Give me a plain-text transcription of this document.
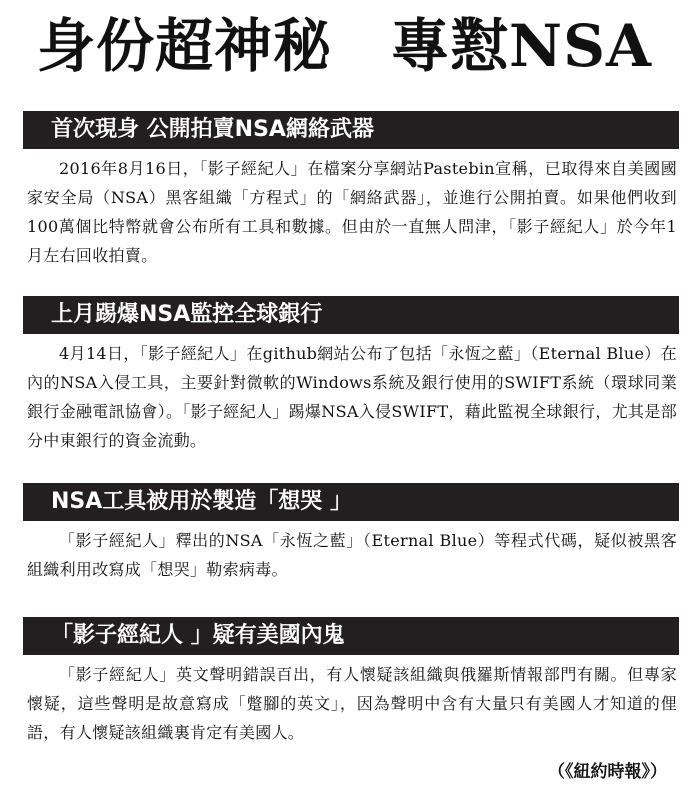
身份超神秘　專懟NSA
首次現身 公開拍賣NSA網絡武器

2016年8月16日，「影子經紀人」在檔案分享網站Pastebin宣稱，已取得來自美國國家安全局（NSA）黑客組織「方程式」的「網絡武器」，並進行公開拍賣。如果他們收到100萬個比特幣就會公布所有工具和數據。但由於一直無人問津，「影子經紀人」於今年1月左右回收拍賣。

上月踢爆NSA監控全球銀行

4月14日，「影子經紀人」在github網站公布了包括「永恆之藍」（Eternal Blue）在內的NSA入侵工具，主要針對微軟的Windows系統及銀行使用的SWIFT系統（環球同業銀行金融電訊協會）。「影子經紀人」踢爆NSA入侵SWIFT，藉此監視全球銀行，尤其是部分中東銀行的資金流動。

NSA工具被用於製造「想哭 」

「影子經紀人」釋出的NSA「永恆之藍」（Eternal Blue）等程式代碼，疑似被黑客組織利用改寫成「想哭」勒索病毒。

「影子經紀人 」疑有美國內鬼

「影子經紀人」英文聲明錯誤百出，有人懷疑該組織與俄羅斯情報部門有關。但專家懷疑，這些聲明是故意寫成「蹩腳的英文」，因為聲明中含有大量只有美國人才知道的俚語，有人懷疑該組織裏肯定有美國人。

（《紐約時報》）
